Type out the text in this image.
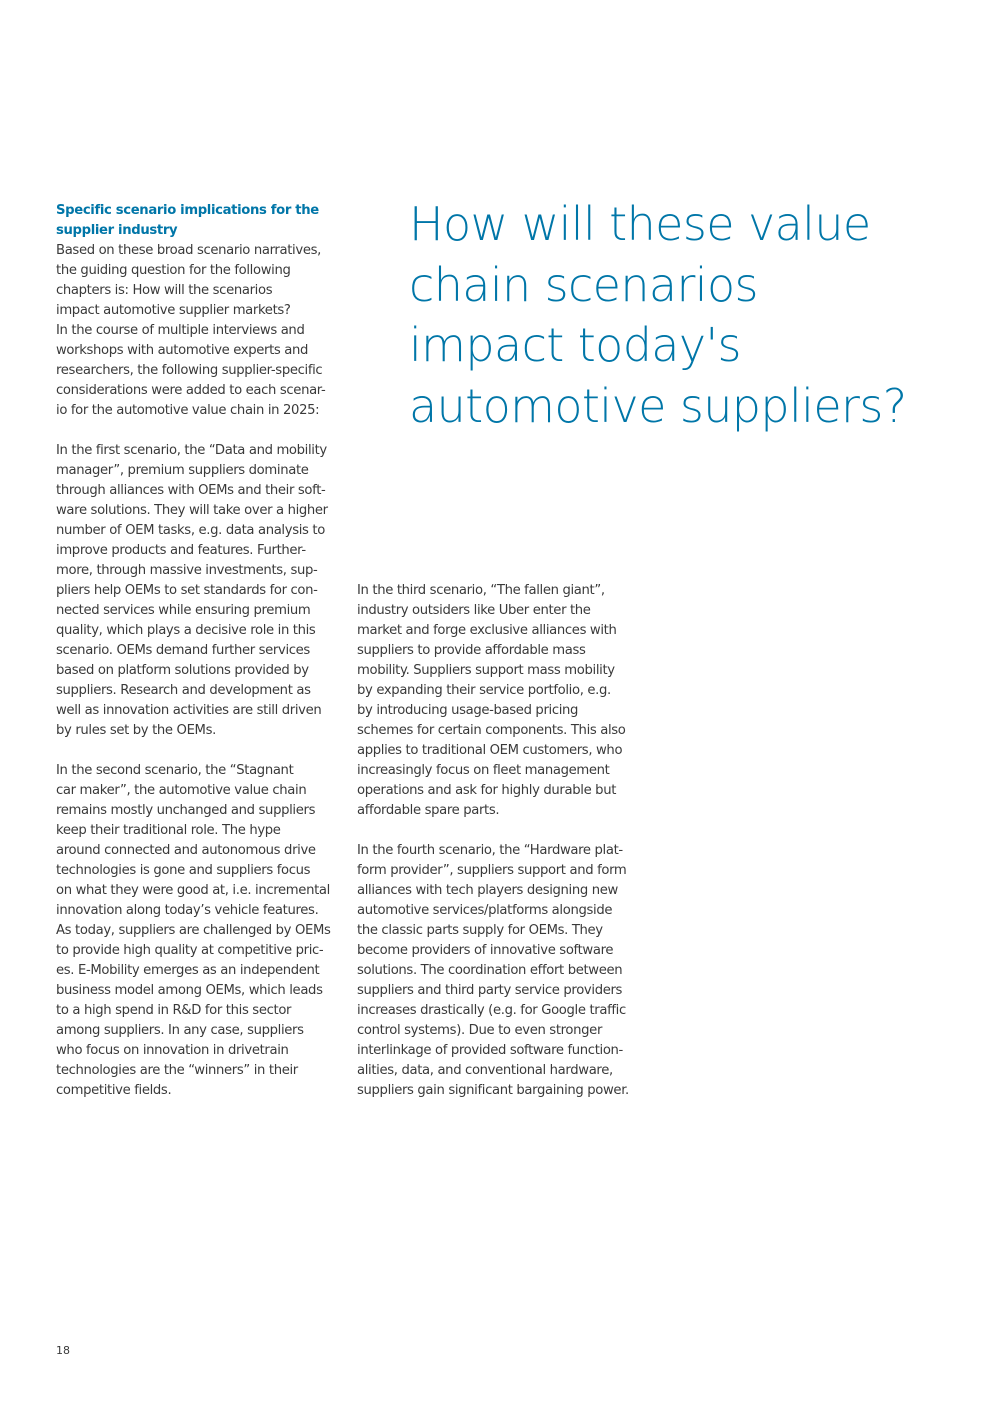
Specific scenario implications for the
supplier industry

Based on these broad scenario narratives,
the guiding question for the following
chapters is: How will the scenarios
impact automotive supplier markets?
In the course of multiple interviews and
workshops with automotive experts and
researchers, the following supplier-specific
considerations were added to each scenar-
io for the automotive value chain in 2025:

In the first scenario, the “Data and mobility
manager”, premium suppliers dominate
through alliances with OEMs and their soft-
ware solutions. They will take over a higher
number of OEM tasks, e.g. data analysis to
improve products and features. Further-
more, through massive investments, sup-
pliers help OEMs to set standards for con-
nected services while ensuring premium
quality, which plays a decisive role in this
scenario. OEMs demand further services
based on platform solutions provided by
suppliers. Research and development as
well as innovation activities are still driven
by rules set by the OEMs.

In the second scenario, the “Stagnant
car maker”, the automotive value chain
remains mostly unchanged and suppliers
keep their traditional role. The hype
around connected and autonomous drive
technologies is gone and suppliers focus
on what they were good at, i.e. incremental
innovation along today’s vehicle features.
As today, suppliers are challenged by OEMs
to provide high quality at competitive pric-
es. E-Mobility emerges as an independent
business model among OEMs, which leads
to a high spend in R&D for this sector
among suppliers. In any case, suppliers
who focus on innovation in drivetrain
technologies are the “winners” in their
competitive fields.

How will these value
chain scenarios
impact today's
automotive suppliers?

In the third scenario, “The fallen giant”,
industry outsiders like Uber enter the
market and forge exclusive alliances with
suppliers to provide affordable mass
mobility. Suppliers support mass mobility
by expanding their service portfolio, e.g.
by introducing usage-based pricing
schemes for certain components. This also
applies to traditional OEM customers, who
increasingly focus on fleet management
operations and ask for highly durable but
affordable spare parts.

In the fourth scenario, the “Hardware plat-
form provider”, suppliers support and form
alliances with tech players designing new
automotive services/platforms alongside
the classic parts supply for OEMs. They
become providers of innovative software
solutions. The coordination effort between
suppliers and third party service providers
increases drastically (e.g. for Google traffic
control systems). Due to even stronger
interlinkage of provided software function-
alities, data, and conventional hardware,
suppliers gain significant bargaining power.

18
